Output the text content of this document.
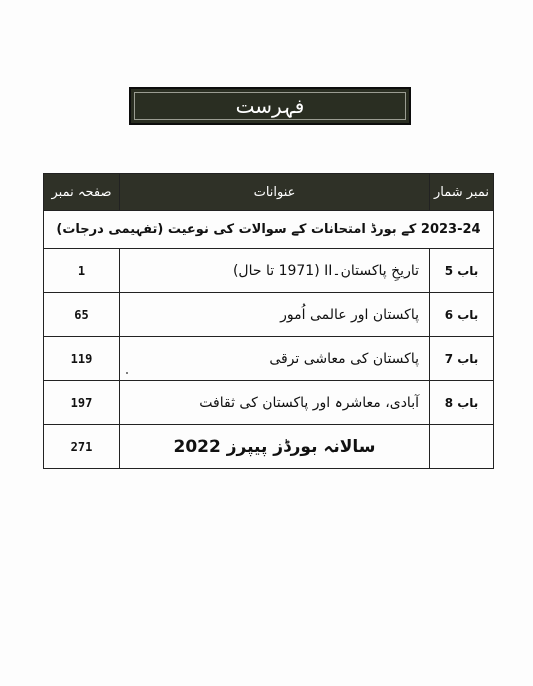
فہرست
نمبر شمار	عنوانات	صفحہ نمبر
2023-24 کے بورڈ امتحانات کے سوالات کی نوعیت (تفہیمی درجات)		
باب 5	تاریخِ پاکستان۔II (1971 تا حال)	1
باب 6	پاکستان اور عالمی اُمور	65
باب 7	پاکستان کی معاشی ترقی	119
باب 8	آبادی، معاشرہ اور پاکستان کی ثقافت	197
	سالانہ بورڈز پیپرز 2022	271
